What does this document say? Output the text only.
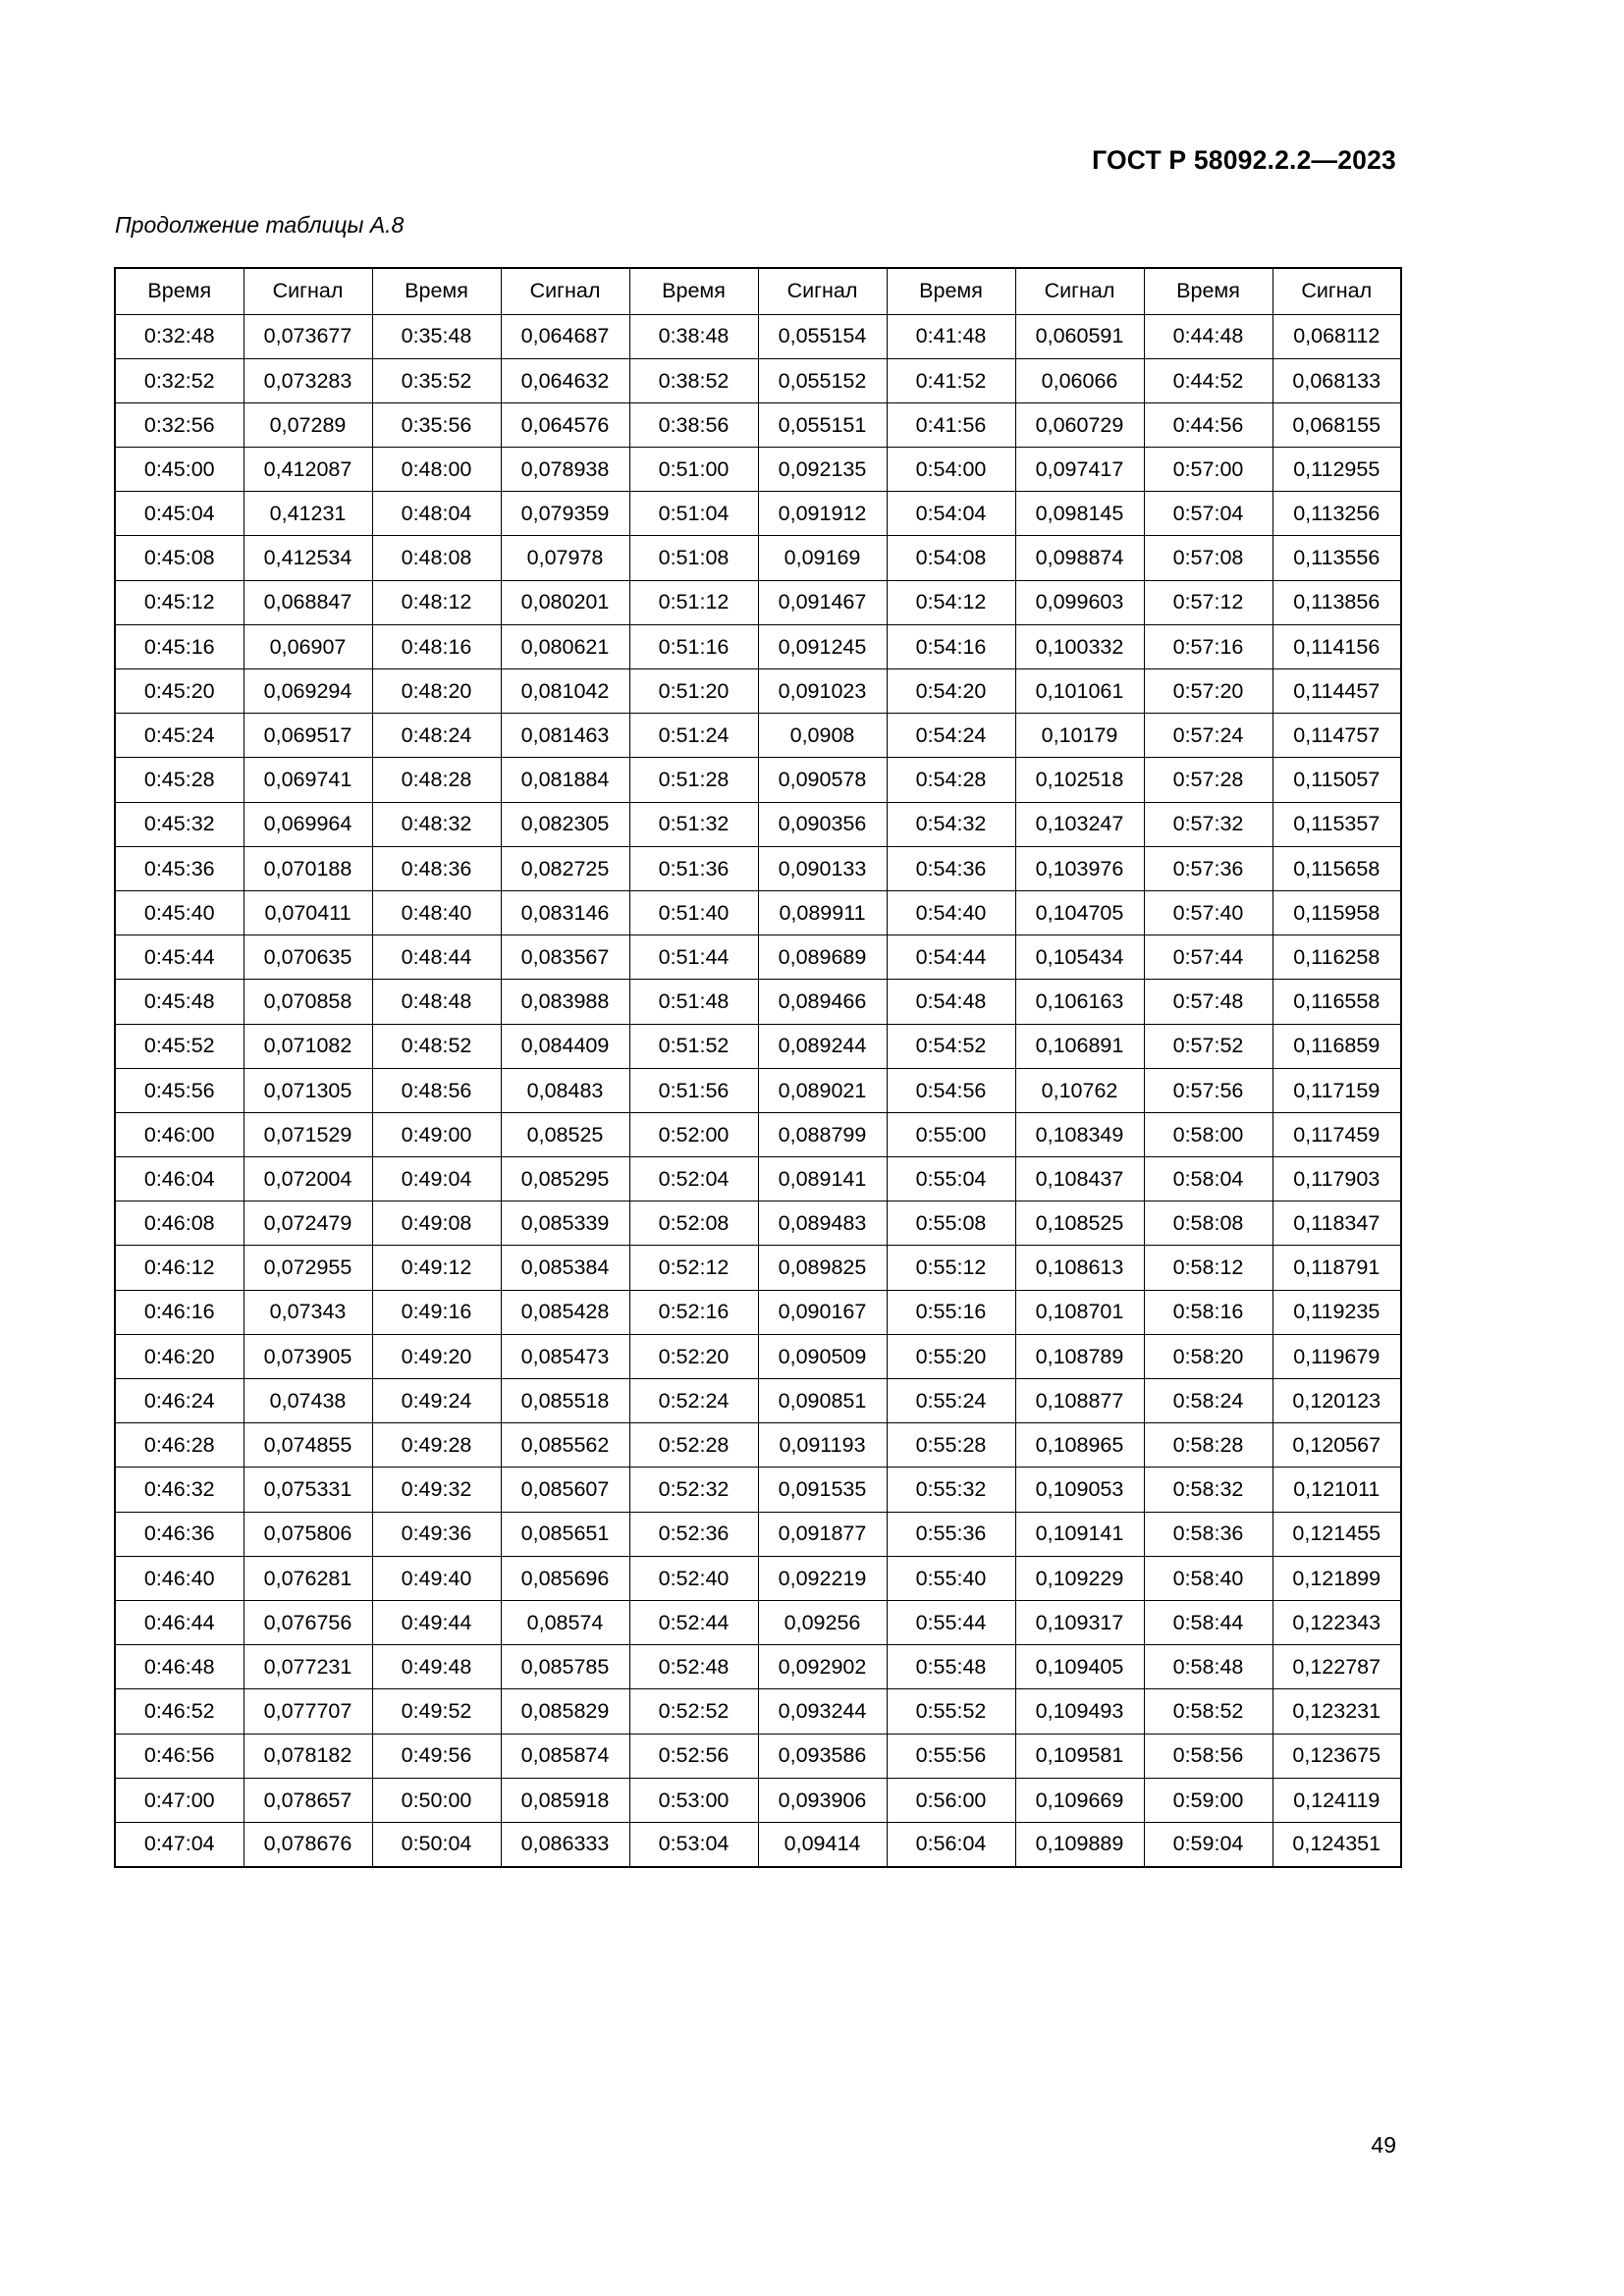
ГОСТ Р 58092.2.2—2023
Продолжение таблицы А.8
Время	Сигнал	Время	Сигнал	Время	Сигнал	Время	Сигнал	Время	Сигнал
0:32:48	0,073677	0:35:48	0,064687	0:38:48	0,055154	0:41:48	0,060591	0:44:48	0,068112
0:32:52	0,073283	0:35:52	0,064632	0:38:52	0,055152	0:41:52	0,06066	0:44:52	0,068133
0:32:56	0,07289	0:35:56	0,064576	0:38:56	0,055151	0:41:56	0,060729	0:44:56	0,068155
0:45:00	0,412087	0:48:00	0,078938	0:51:00	0,092135	0:54:00	0,097417	0:57:00	0,112955
0:45:04	0,41231	0:48:04	0,079359	0:51:04	0,091912	0:54:04	0,098145	0:57:04	0,113256
0:45:08	0,412534	0:48:08	0,07978	0:51:08	0,09169	0:54:08	0,098874	0:57:08	0,113556
0:45:12	0,068847	0:48:12	0,080201	0:51:12	0,091467	0:54:12	0,099603	0:57:12	0,113856
0:45:16	0,06907	0:48:16	0,080621	0:51:16	0,091245	0:54:16	0,100332	0:57:16	0,114156
0:45:20	0,069294	0:48:20	0,081042	0:51:20	0,091023	0:54:20	0,101061	0:57:20	0,114457
0:45:24	0,069517	0:48:24	0,081463	0:51:24	0,0908	0:54:24	0,10179	0:57:24	0,114757
0:45:28	0,069741	0:48:28	0,081884	0:51:28	0,090578	0:54:28	0,102518	0:57:28	0,115057
0:45:32	0,069964	0:48:32	0,082305	0:51:32	0,090356	0:54:32	0,103247	0:57:32	0,115357
0:45:36	0,070188	0:48:36	0,082725	0:51:36	0,090133	0:54:36	0,103976	0:57:36	0,115658
0:45:40	0,070411	0:48:40	0,083146	0:51:40	0,089911	0:54:40	0,104705	0:57:40	0,115958
0:45:44	0,070635	0:48:44	0,083567	0:51:44	0,089689	0:54:44	0,105434	0:57:44	0,116258
0:45:48	0,070858	0:48:48	0,083988	0:51:48	0,089466	0:54:48	0,106163	0:57:48	0,116558
0:45:52	0,071082	0:48:52	0,084409	0:51:52	0,089244	0:54:52	0,106891	0:57:52	0,116859
0:45:56	0,071305	0:48:56	0,08483	0:51:56	0,089021	0:54:56	0,10762	0:57:56	0,117159
0:46:00	0,071529	0:49:00	0,08525	0:52:00	0,088799	0:55:00	0,108349	0:58:00	0,117459
0:46:04	0,072004	0:49:04	0,085295	0:52:04	0,089141	0:55:04	0,108437	0:58:04	0,117903
0:46:08	0,072479	0:49:08	0,085339	0:52:08	0,089483	0:55:08	0,108525	0:58:08	0,118347
0:46:12	0,072955	0:49:12	0,085384	0:52:12	0,089825	0:55:12	0,108613	0:58:12	0,118791
0:46:16	0,07343	0:49:16	0,085428	0:52:16	0,090167	0:55:16	0,108701	0:58:16	0,119235
0:46:20	0,073905	0:49:20	0,085473	0:52:20	0,090509	0:55:20	0,108789	0:58:20	0,119679
0:46:24	0,07438	0:49:24	0,085518	0:52:24	0,090851	0:55:24	0,108877	0:58:24	0,120123
0:46:28	0,074855	0:49:28	0,085562	0:52:28	0,091193	0:55:28	0,108965	0:58:28	0,120567
0:46:32	0,075331	0:49:32	0,085607	0:52:32	0,091535	0:55:32	0,109053	0:58:32	0,121011
0:46:36	0,075806	0:49:36	0,085651	0:52:36	0,091877	0:55:36	0,109141	0:58:36	0,121455
0:46:40	0,076281	0:49:40	0,085696	0:52:40	0,092219	0:55:40	0,109229	0:58:40	0,121899
0:46:44	0,076756	0:49:44	0,08574	0:52:44	0,09256	0:55:44	0,109317	0:58:44	0,122343
0:46:48	0,077231	0:49:48	0,085785	0:52:48	0,092902	0:55:48	0,109405	0:58:48	0,122787
0:46:52	0,077707	0:49:52	0,085829	0:52:52	0,093244	0:55:52	0,109493	0:58:52	0,123231
0:46:56	0,078182	0:49:56	0,085874	0:52:56	0,093586	0:55:56	0,109581	0:58:56	0,123675
0:47:00	0,078657	0:50:00	0,085918	0:53:00	0,093906	0:56:00	0,109669	0:59:00	0,124119
0:47:04	0,078676	0:50:04	0,086333	0:53:04	0,09414	0:56:04	0,109889	0:59:04	0,124351
49
